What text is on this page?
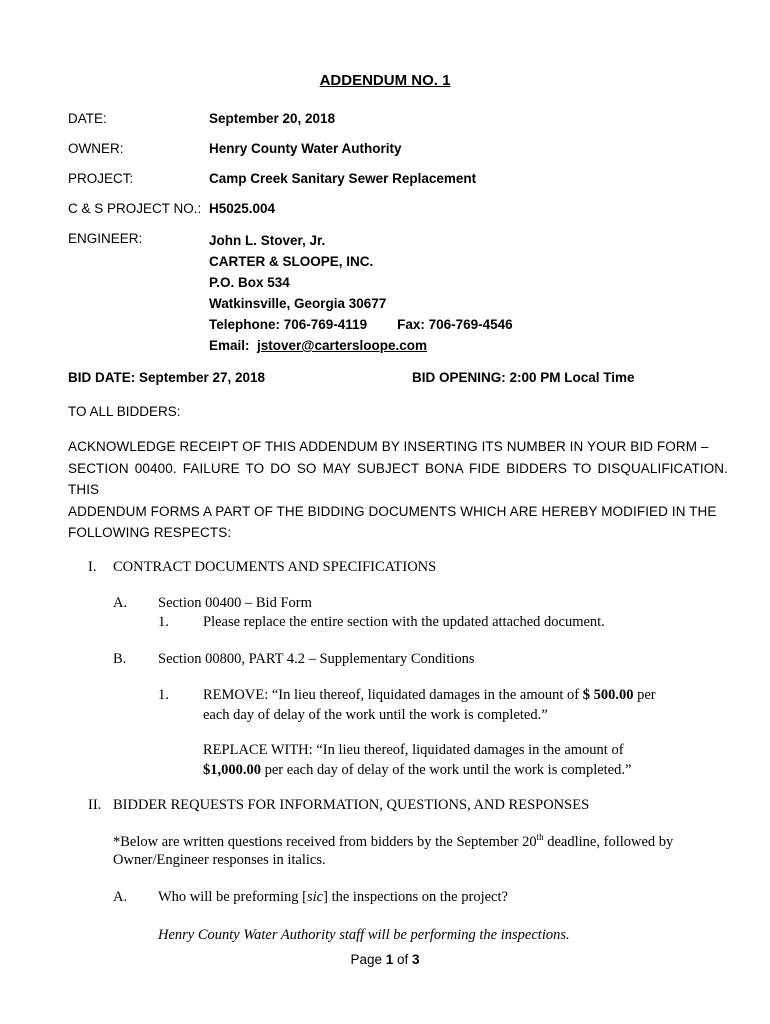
ADDENDUM NO. 1
DATE:	September 20, 2018
OWNER:	Henry County Water Authority
PROJECT:	Camp Creek Sanitary Sewer Replacement
C & S PROJECT NO.: H5025.004
ENGINEER:	John L. Stover, Jr.
CARTER & SLOOPE, INC.
P.O. Box 534
Watkinsville, Georgia 30677
Telephone: 706-769-4119 Fax: 706-769-4546
Email: jstover@cartersloope.com
BID DATE: September 27, 2018	BID OPENING: 2:00 PM Local Time
TO ALL BIDDERS:
ACKNOWLEDGE RECEIPT OF THIS ADDENDUM BY INSERTING ITS NUMBER IN YOUR BID FORM –
SECTION 00400. FAILURE TO DO SO MAY SUBJECT BONA FIDE BIDDERS TO DISQUALIFICATION. THIS
ADDENDUM FORMS A PART OF THE BIDDING DOCUMENTS WHICH ARE HEREBY MODIFIED IN THE
FOLLOWING RESPECTS:
I. CONTRACT DOCUMENTS AND SPECIFICATIONS
A. Section 00400 – Bid Form
1. Please replace the entire section with the updated attached document.
B. Section 00800, PART 4.2 – Supplementary Conditions
1. REMOVE: “In lieu thereof, liquidated damages in the amount of $ 500.00 per
each day of delay of the work until the work is completed.”
REPLACE WITH: “In lieu thereof, liquidated damages in the amount of
$1,000.00 per each day of delay of the work until the work is completed.”
II. BIDDER REQUESTS FOR INFORMATION, QUESTIONS, AND RESPONSES
*Below are written questions received from bidders by the September 20th deadline, followed by
Owner/Engineer responses in italics.
A. Who will be preforming [sic] the inspections on the project?
Henry County Water Authority staff will be performing the inspections.
Page 1 of 3
